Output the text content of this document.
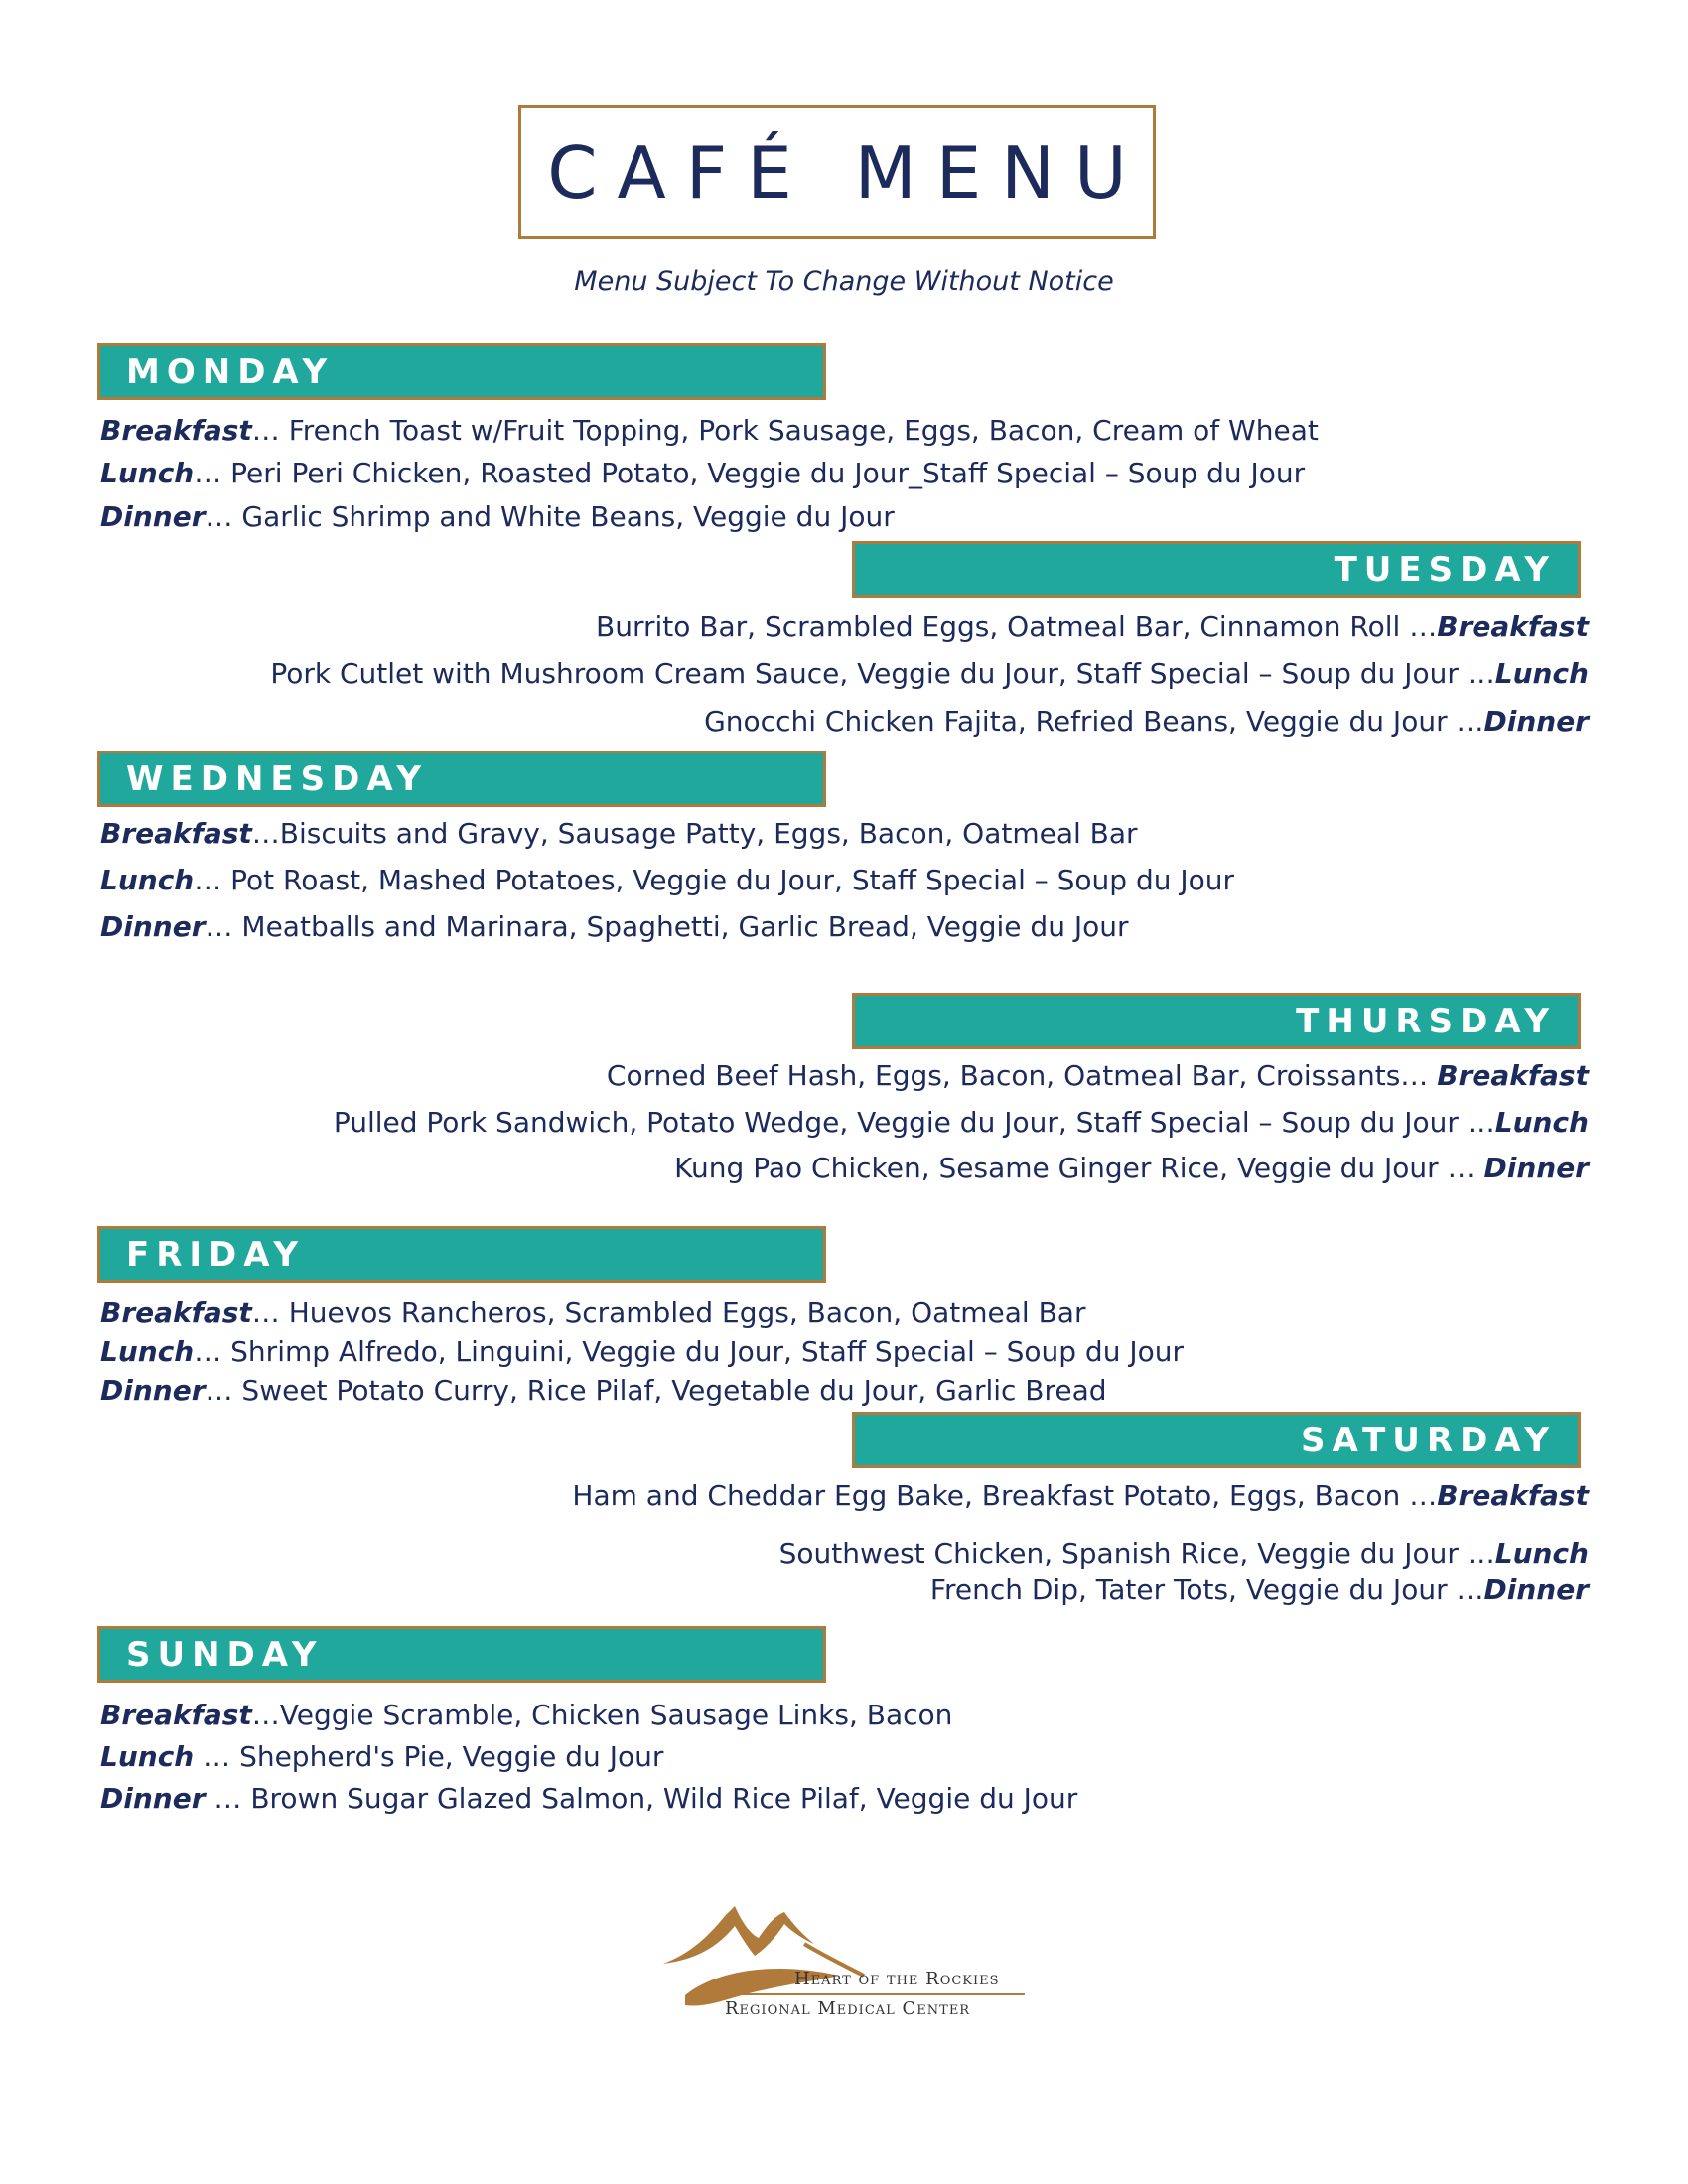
CAFÉ MENU
Menu Subject To Change Without Notice
MONDAY
Breakfast… French Toast w/Fruit Topping, Pork Sausage, Eggs, Bacon, Cream of Wheat
Lunch… Peri Peri Chicken, Roasted Potato, Veggie du Jour_Staff Special – Soup du Jour
Dinner… Garlic Shrimp and White Beans, Veggie du Jour
TUESDAY
Burrito Bar, Scrambled Eggs, Oatmeal Bar, Cinnamon Roll …Breakfast
Pork Cutlet with Mushroom Cream Sauce, Veggie du Jour, Staff Special – Soup du Jour …Lunch
Gnocchi Chicken Fajita, Refried Beans, Veggie du Jour …Dinner
WEDNESDAY
Breakfast…Biscuits and Gravy, Sausage Patty, Eggs, Bacon, Oatmeal Bar
Lunch… Pot Roast, Mashed Potatoes, Veggie du Jour, Staff Special – Soup du Jour
Dinner… Meatballs and Marinara, Spaghetti, Garlic Bread, Veggie du Jour
THURSDAY
Corned Beef Hash, Eggs, Bacon, Oatmeal Bar, Croissants… Breakfast
Pulled Pork Sandwich, Potato Wedge, Veggie du Jour, Staff Special – Soup du Jour …Lunch
Kung Pao Chicken, Sesame Ginger Rice, Veggie du Jour … Dinner
FRIDAY
Breakfast… Huevos Rancheros, Scrambled Eggs, Bacon, Oatmeal Bar
Lunch… Shrimp Alfredo, Linguini, Veggie du Jour, Staff Special – Soup du Jour
Dinner… Sweet Potato Curry, Rice Pilaf, Vegetable du Jour, Garlic Bread
SATURDAY
Ham and Cheddar Egg Bake, Breakfast Potato, Eggs, Bacon …Breakfast
Southwest Chicken, Spanish Rice, Veggie du Jour …Lunch
French Dip, Tater Tots, Veggie du Jour …Dinner
SUNDAY
Breakfast…Veggie Scramble, Chicken Sausage Links, Bacon
Lunch … Shepherd's Pie, Veggie du Jour
Dinner … Brown Sugar Glazed Salmon, Wild Rice Pilaf, Veggie du Jour
Heart of the Rockies
Regional Medical Center
